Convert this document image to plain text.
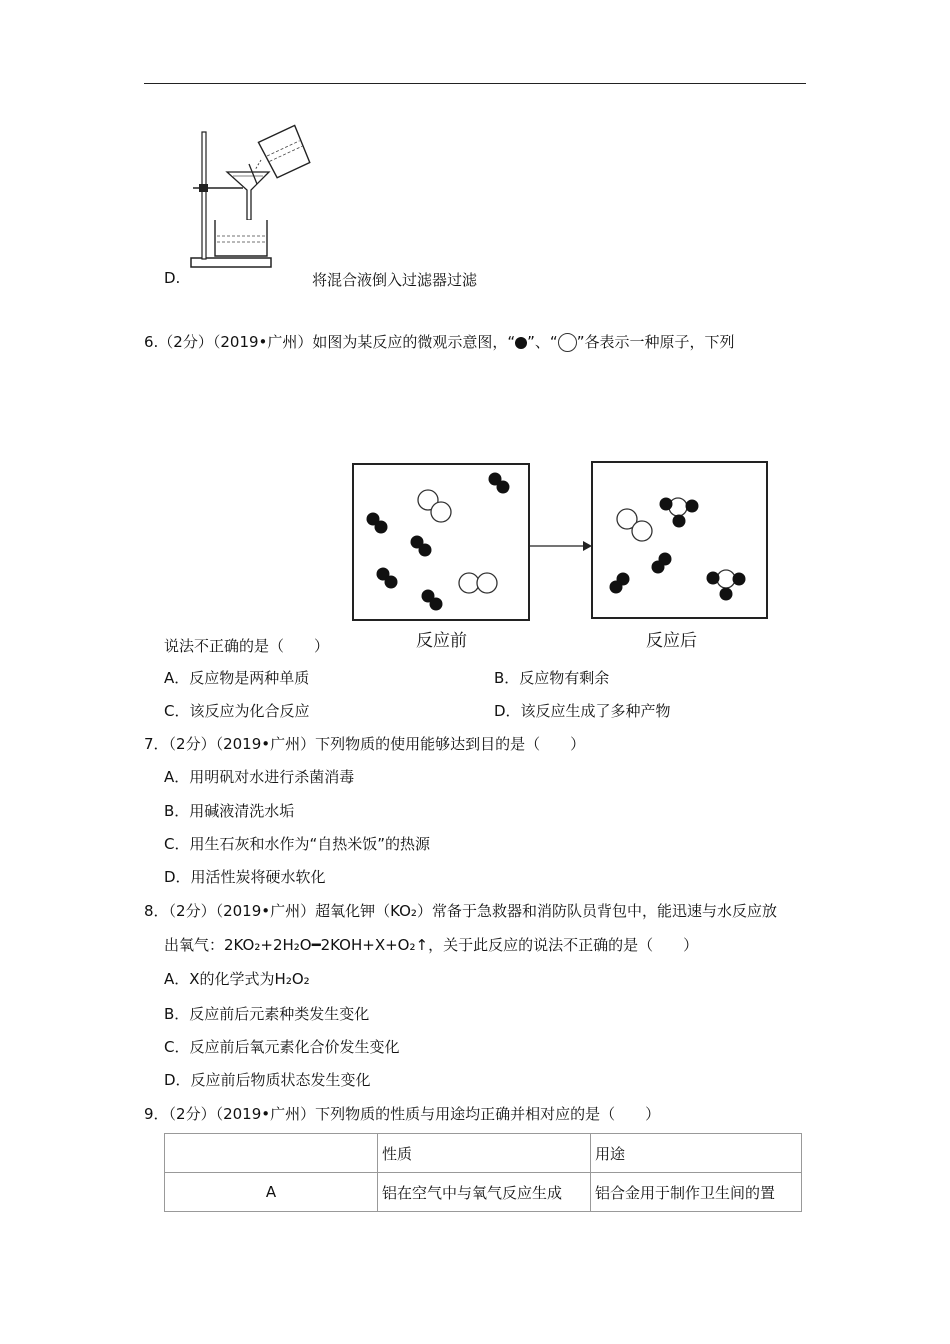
D.	将混合液倒入过滤器过滤
6.（2分）（2019•广州）如图为某反应的微观示意图，“ ”、“ ”各表示一种原子，下列
反应前	反应后
说法不正确的是（　　）
A．反应物是两种单质	B．反应物有剩余
C．该反应为化合反应	D．该反应生成了多种产物
7．（2分）（2019•广州）下列物质的使用能够达到目的是（　　）
A．用明矾对水进行杀菌消毒
B．用碱液清洗水垢
C．用生石灰和水作为“自热米饭”的热源
D．用活性炭将硬水软化
8．（2分）（2019•广州）超氧化钾（KO₂）常备于急救器和消防队员背包中，能迅速与水反应放
出氧气：2KO₂+2H₂O━2KOH+X+O₂↑，关于此反应的说法不正确的是（　　）
A．X的化学式为H₂O₂
B．反应前后元素种类发生变化
C．反应前后氧元素化合价发生变化
D．反应前后物质状态发生变化
9．（2分）（2019•广州）下列物质的性质与用途均正确并相对应的是（　　）
	性质	用途
A	铝在空气中与氧气反应生成	铝合金用于制作卫生间的置
